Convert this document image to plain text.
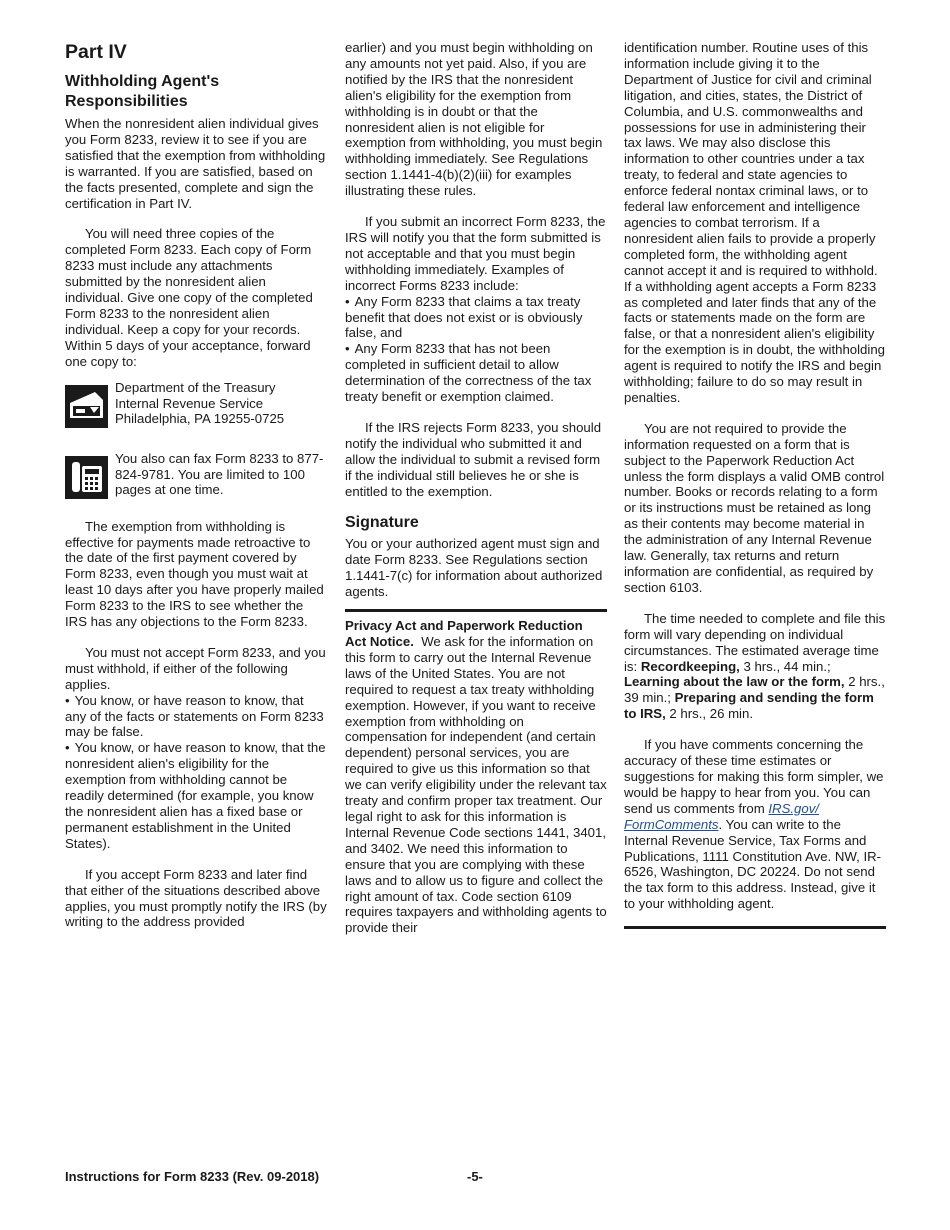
Part IV
Withholding Agent's Responsibilities

When the nonresident alien individual gives you Form 8233, review it to see if you are satisfied that the exemption from withholding is warranted. If you are satisfied, based on the facts presented, complete and sign the certification in Part IV.

You will need three copies of the completed Form 8233. Each copy of Form 8233 must include any attachments submitted by the nonresident alien individual. Give one copy of the completed Form 8233 to the nonresident alien individual. Keep a copy for your records. Within 5 days of your acceptance, forward one copy to:

Department of the Treasury

Internal Revenue Service

Philadelphia, PA 19255-0725

You also can fax Form 8233 to 877-824-9781. You are limited to 100 pages at one time.

The exemption from withholding is effective for payments made retroactive to the date of the first payment covered by Form 8233, even though you must wait at least 10 days after you have properly mailed Form 8233 to the IRS to see whether the IRS has any objections to the Form 8233.

You must not accept Form 8233, and you must withhold, if either of the following applies.

• You know, or have reason to know, that any of the facts or statements on Form 8233 may be false.

• You know, or have reason to know, that the nonresident alien's eligibility for the exemption from withholding cannot be readily determined (for example, you know the nonresident alien has a fixed base or permanent establishment in the United States).

If you accept Form 8233 and later find that either of the situations described above applies, you must promptly notify the IRS (by writing to the address provided

earlier) and you must begin withholding on any amounts not yet paid. Also, if you are notified by the IRS that the nonresident alien's eligibility for the exemption from withholding is in doubt or that the nonresident alien is not eligible for exemption from withholding, you must begin withholding immediately. See Regulations section 1.1441-4(b)(2)(iii) for examples illustrating these rules.

If you submit an incorrect Form 8233, the IRS will notify you that the form submitted is not acceptable and that you must begin withholding immediately. Examples of incorrect Forms 8233 include:

• Any Form 8233 that claims a tax treaty benefit that does not exist or is obviously false, and

• Any Form 8233 that has not been completed in sufficient detail to allow determination of the correctness of the tax treaty benefit or exemption claimed.

If the IRS rejects Form 8233, you should notify the individual who submitted it and allow the individual to submit a revised form if the individual still believes he or she is entitled to the exemption.

Signature

You or your authorized agent must sign and date Form 8233. See Regulations section 1.1441-7(c) for information about authorized agents.

Privacy Act and Paperwork Reduction Act Notice. We ask for the information on this form to carry out the Internal Revenue laws of the United States. You are not required to request a tax treaty withholding exemption. However, if you want to receive exemption from withholding on compensation for independent (and certain dependent) personal services, you are required to give us this information so that we can verify eligibility under the relevant tax treaty and confirm proper tax treatment. Our legal right to ask for this information is Internal Revenue Code sections 1441, 3401, and 3402. We need this information to ensure that you are complying with these laws and to allow us to figure and collect the right amount of tax. Code section 6109 requires taxpayers and withholding agents to provide their

identification number. Routine uses of this information include giving it to the Department of Justice for civil and criminal litigation, and cities, states, the District of Columbia, and U.S. commonwealths and possessions for use in administering their tax laws. We may also disclose this information to other countries under a tax treaty, to federal and state agencies to enforce federal nontax criminal laws, or to federal law enforcement and intelligence agencies to combat terrorism. If a nonresident alien fails to provide a properly completed form, the withholding agent cannot accept it and is required to withhold. If a withholding agent accepts a Form 8233 as completed and later finds that any of the facts or statements made on the form are false, or that a nonresident alien's eligibility for the exemption is in doubt, the withholding agent is required to notify the IRS and begin withholding; failure to do so may result in penalties.

You are not required to provide the information requested on a form that is subject to the Paperwork Reduction Act unless the form displays a valid OMB control number. Books or records relating to a form or its instructions must be retained as long as their contents may become material in the administration of any Internal Revenue law. Generally, tax returns and return information are confidential, as required by section 6103.

The time needed to complete and file this form will vary depending on individual circumstances. The estimated average time is: Recordkeeping, 3 hrs., 44 min.; Learning about the law or the form, 2 hrs., 39 min.; Preparing and sending the form to IRS, 2 hrs., 26 min.

If you have comments concerning the accuracy of these time estimates or suggestions for making this form simpler, we would be happy to hear from you. You can send us comments from IRS.gov/ FormComments. You can write to the Internal Revenue Service, Tax Forms and Publications, 1111 Constitution Ave. NW, IR-6526, Washington, DC 20224. Do not send the tax form to this address. Instead, give it to your withholding agent.

Instructions for Form 8233 (Rev. 09-2018)	-5-
